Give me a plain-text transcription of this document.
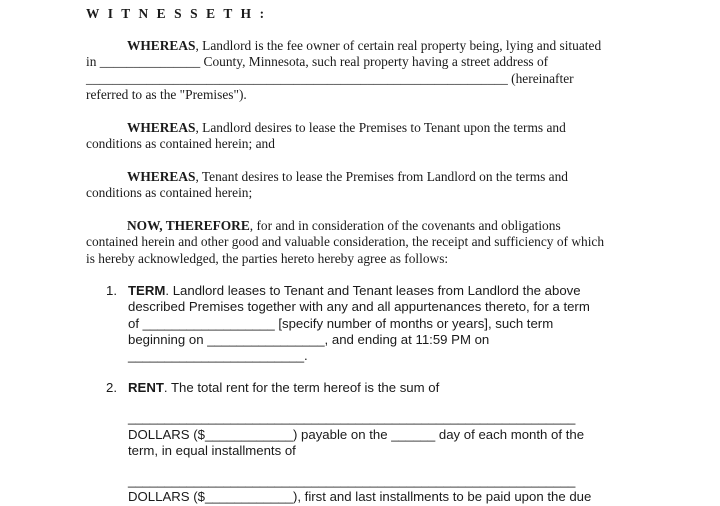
W I T N E S S E T H :
WHEREAS, Landlord is the fee owner of certain real property being, lying and situated
in _______________ County, Minnesota, such real property having a street address of
_______________________________________________________________ (hereinafter
referred to as the "Premises").
WHEREAS, Landlord desires to lease the Premises to Tenant upon the terms and
conditions as contained herein; and
WHEREAS, Tenant desires to lease the Premises from Landlord on the terms and
conditions as contained herein;
NOW, THEREFORE, for and in consideration of the covenants and obligations
contained herein and other good and valuable consideration, the receipt and sufficiency of which
is hereby acknowledged, the parties hereto hereby agree as follows:
1. TERM. Landlord leases to Tenant and Tenant leases from Landlord the above
described Premises together with any and all appurtenances thereto, for a term
of __________________ [specify number of months or years], such term
beginning on ________________, and ending at 11:59 PM on
________________________.
2. RENT. The total rent for the term hereof is the sum of
_____________________________________________________________
DOLLARS ($____________) payable on the ______ day of each month of the
term, in equal installments of
_____________________________________________________________
DOLLARS ($____________), first and last installments to be paid upon the due
